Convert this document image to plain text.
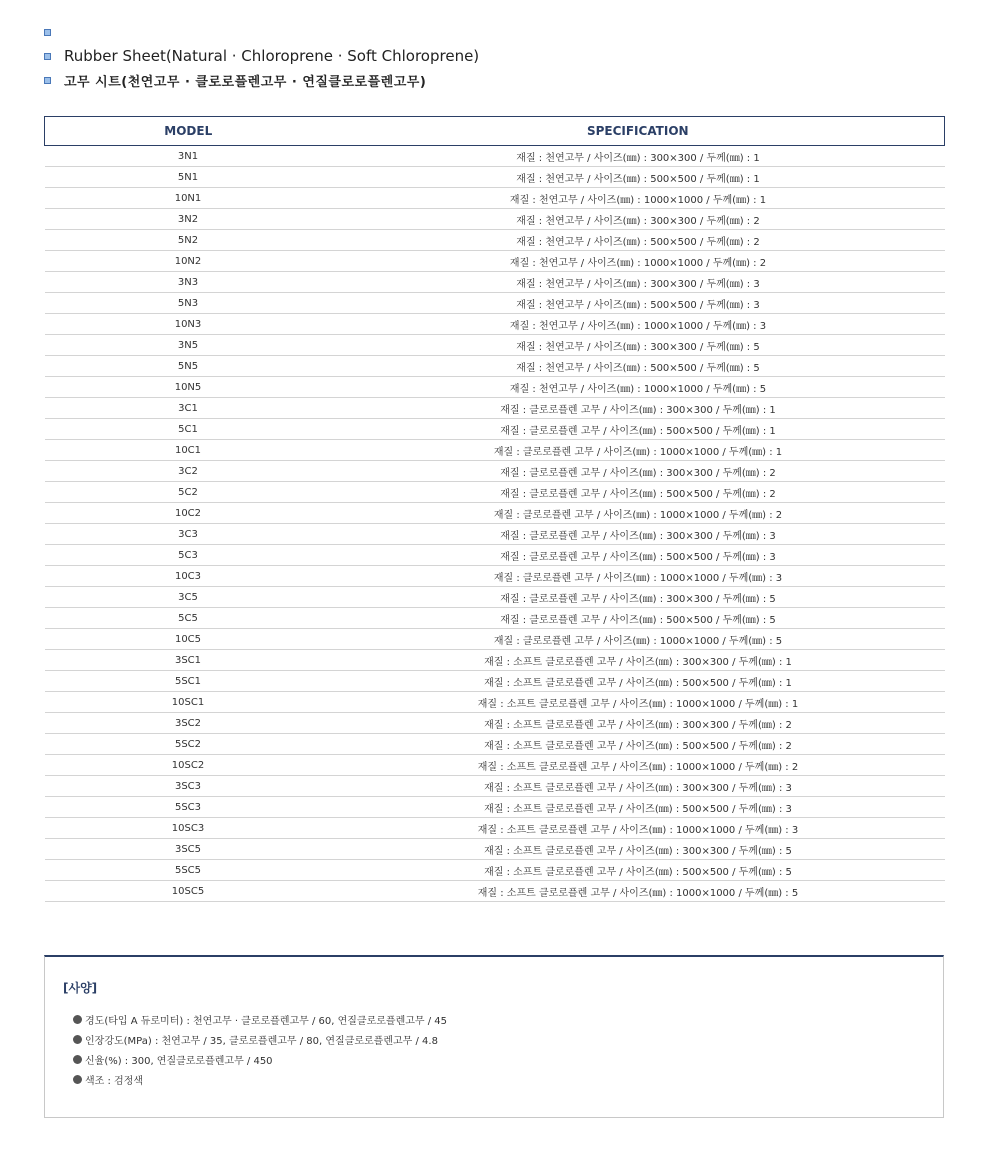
Rubber Sheet(Natural · Chloroprene · Soft Chloroprene)
고무 시트(천연고무 · 클로로플렌고무 · 연질클로로플렌고무)
MODEL	SPECIFICATION
3N1	재질 : 천연고무 / 사이즈(㎜) : 300×300 / 두께(㎜) : 1
5N1	재질 : 천연고무 / 사이즈(㎜) : 500×500 / 두께(㎜) : 1
10N1	재질 : 천연고무 / 사이즈(㎜) : 1000×1000 / 두께(㎜) : 1
3N2	재질 : 천연고무 / 사이즈(㎜) : 300×300 / 두께(㎜) : 2
5N2	재질 : 천연고무 / 사이즈(㎜) : 500×500 / 두께(㎜) : 2
10N2	재질 : 천연고무 / 사이즈(㎜) : 1000×1000 / 두께(㎜) : 2
3N3	재질 : 천연고무 / 사이즈(㎜) : 300×300 / 두께(㎜) : 3
5N3	재질 : 천연고무 / 사이즈(㎜) : 500×500 / 두께(㎜) : 3
10N3	재질 : 천연고무 / 사이즈(㎜) : 1000×1000 / 두께(㎜) : 3
3N5	재질 : 천연고무 / 사이즈(㎜) : 300×300 / 두께(㎜) : 5
5N5	재질 : 천연고무 / 사이즈(㎜) : 500×500 / 두께(㎜) : 5
10N5	재질 : 천연고무 / 사이즈(㎜) : 1000×1000 / 두께(㎜) : 5
3C1	재질 : 클로로플렌 고무 / 사이즈(㎜) : 300×300 / 두께(㎜) : 1
5C1	재질 : 클로로플렌 고무 / 사이즈(㎜) : 500×500 / 두께(㎜) : 1
10C1	재질 : 클로로플렌 고무 / 사이즈(㎜) : 1000×1000 / 두께(㎜) : 1
3C2	재질 : 클로로플렌 고무 / 사이즈(㎜) : 300×300 / 두께(㎜) : 2
5C2	재질 : 클로로플렌 고무 / 사이즈(㎜) : 500×500 / 두께(㎜) : 2
10C2	재질 : 클로로플렌 고무 / 사이즈(㎜) : 1000×1000 / 두께(㎜) : 2
3C3	재질 : 클로로플렌 고무 / 사이즈(㎜) : 300×300 / 두께(㎜) : 3
5C3	재질 : 클로로플렌 고무 / 사이즈(㎜) : 500×500 / 두께(㎜) : 3
10C3	재질 : 클로로플렌 고무 / 사이즈(㎜) : 1000×1000 / 두께(㎜) : 3
3C5	재질 : 클로로플렌 고무 / 사이즈(㎜) : 300×300 / 두께(㎜) : 5
5C5	재질 : 클로로플렌 고무 / 사이즈(㎜) : 500×500 / 두께(㎜) : 5
10C5	재질 : 클로로플렌 고무 / 사이즈(㎜) : 1000×1000 / 두께(㎜) : 5
3SC1	재질 : 소프트 클로로플렌 고무 / 사이즈(㎜) : 300×300 / 두께(㎜) : 1
5SC1	재질 : 소프트 클로로플렌 고무 / 사이즈(㎜) : 500×500 / 두께(㎜) : 1
10SC1	재질 : 소프트 클로로플렌 고무 / 사이즈(㎜) : 1000×1000 / 두께(㎜) : 1
3SC2	재질 : 소프트 클로로플렌 고무 / 사이즈(㎜) : 300×300 / 두께(㎜) : 2
5SC2	재질 : 소프트 클로로플렌 고무 / 사이즈(㎜) : 500×500 / 두께(㎜) : 2
10SC2	재질 : 소프트 클로로플렌 고무 / 사이즈(㎜) : 1000×1000 / 두께(㎜) : 2
3SC3	재질 : 소프트 클로로플렌 고무 / 사이즈(㎜) : 300×300 / 두께(㎜) : 3
5SC3	재질 : 소프트 클로로플렌 고무 / 사이즈(㎜) : 500×500 / 두께(㎜) : 3
10SC3	재질 : 소프트 클로로플렌 고무 / 사이즈(㎜) : 1000×1000 / 두께(㎜) : 3
3SC5	재질 : 소프트 클로로플렌 고무 / 사이즈(㎜) : 300×300 / 두께(㎜) : 5
5SC5	재질 : 소프트 클로로플렌 고무 / 사이즈(㎜) : 500×500 / 두께(㎜) : 5
10SC5	재질 : 소프트 클로로플렌 고무 / 사이즈(㎜) : 1000×1000 / 두께(㎜) : 5
[사양]
경도(타입 A 듀로미터) : 천연고무 · 클로로플렌고무 / 60, 연질클로로플렌고무 / 45
인장강도(MPa) : 천연고무 / 35, 클로로플렌고무 / 80, 연질클로로플렌고무 / 4.8
신율(%) : 300, 연질클로로플렌고무 / 450
색조 : 검정색
